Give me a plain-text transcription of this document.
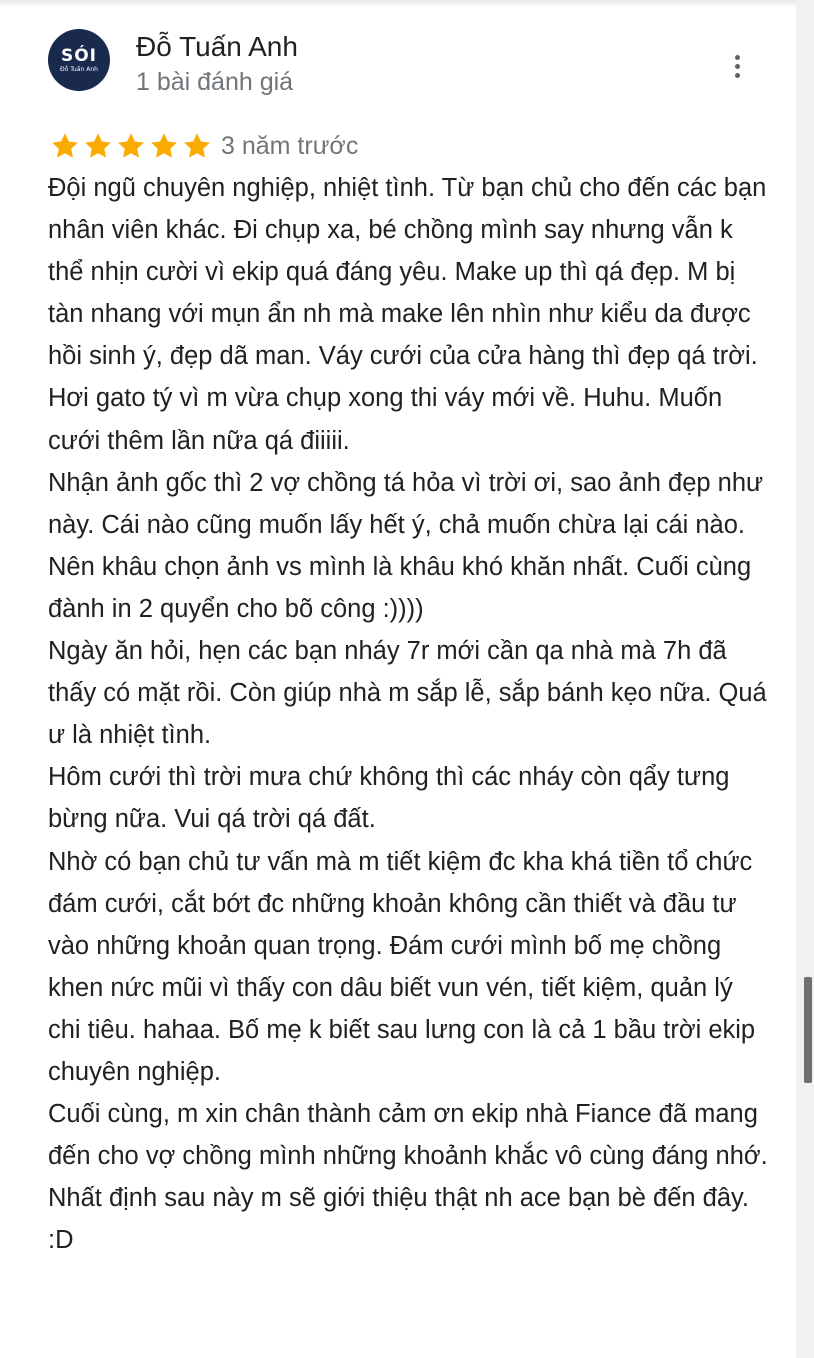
SÓI
Đỗ Tuấn Anh
Đỗ Tuấn Anh
1 bài đánh giá
3 năm trước

Đội ngũ chuyên nghiệp, nhiệt tình. Từ bạn chủ cho đến các bạn nhân viên khác. Đi chụp xa, bé chồng mình say nhưng vẫn k thể nhịn cười vì ekip quá đáng yêu. Make up thì qá đẹp. M bị tàn nhang với mụn ẩn nh mà make lên nhìn như kiểu da được hồi sinh ý, đẹp dã man. Váy cưới của cửa hàng thì đẹp qá trời. Hơi gato tý vì m vừa chụp xong thi váy mới về. Huhu. Muốn cưới thêm lần nữa qá điiiii.
Nhận ảnh gốc thì 2 vợ chồng tá hỏa vì trời ơi, sao ảnh đẹp như này. Cái nào cũng muốn lấy hết ý, chả muốn chừa lại cái nào. Nên khâu chọn ảnh vs mình là khâu khó khăn nhất. Cuối cùng đành in 2 quyển cho bõ công :))))
Ngày ăn hỏi, hẹn các bạn nháy 7r mới cần qa nhà mà 7h đã thấy có mặt rồi. Còn giúp nhà m sắp lễ, sắp bánh kẹo nữa. Quá ư là nhiệt tình.
Hôm cưới thì trời mưa chứ không thì các nháy còn qẩy tưng bừng nữa. Vui qá trời qá đất.
Nhờ có bạn chủ tư vấn mà m tiết kiệm đc kha khá tiền tổ chức đám cưới, cắt bớt đc những khoản không cần thiết và đầu tư vào những khoản quan trọng. Đám cưới mình bố mẹ chồng khen nức mũi vì thấy con dâu biết vun vén, tiết kiệm, quản lý chi tiêu. hahaa. Bố mẹ k biết sau lưng con là cả 1 bầu trời ekip chuyên nghiệp.
Cuối cùng, m xin chân thành cảm ơn ekip nhà Fiance đã mang đến cho vợ chồng mình những khoảnh khắc vô cùng đáng nhớ. Nhất định sau này m sẽ giới thiệu thật nh ace bạn bè đến đây. :D
